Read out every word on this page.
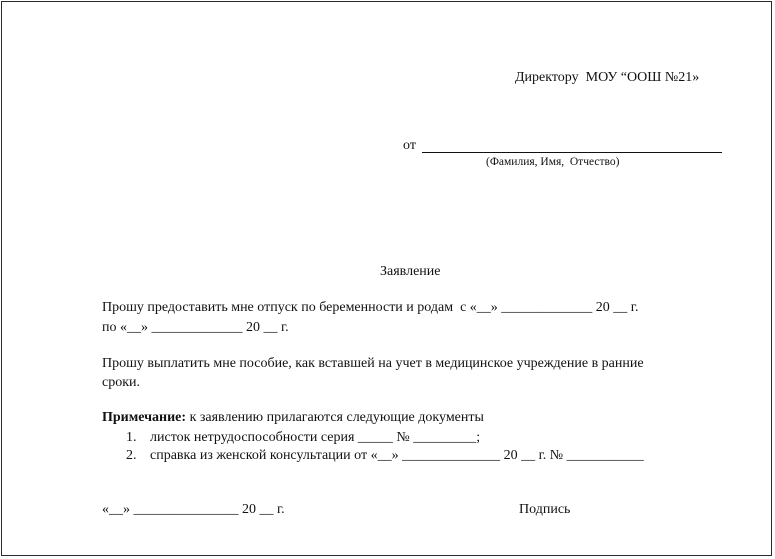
Директору  МОУ “ООШ №21»
от
(Фамилия, Имя,  Отчество)
Заявление
Прошу предоставить мне отпуск по беременности и родам  с «__» _____________ 20 __ г.
по «__» _____________ 20 __ г.
Прошу выплатить мне пособие, как вставшей на учет в медицинское учреждение в ранние
сроки.
Примечание: к заявлению прилагаются следующие документы
1. листок нетрудоспособности серия _____ № _________;
2. справка из женской консультации от «__» ______________ 20 __ г. № ___________
«__» _______________ 20 __ г.	Подпись
